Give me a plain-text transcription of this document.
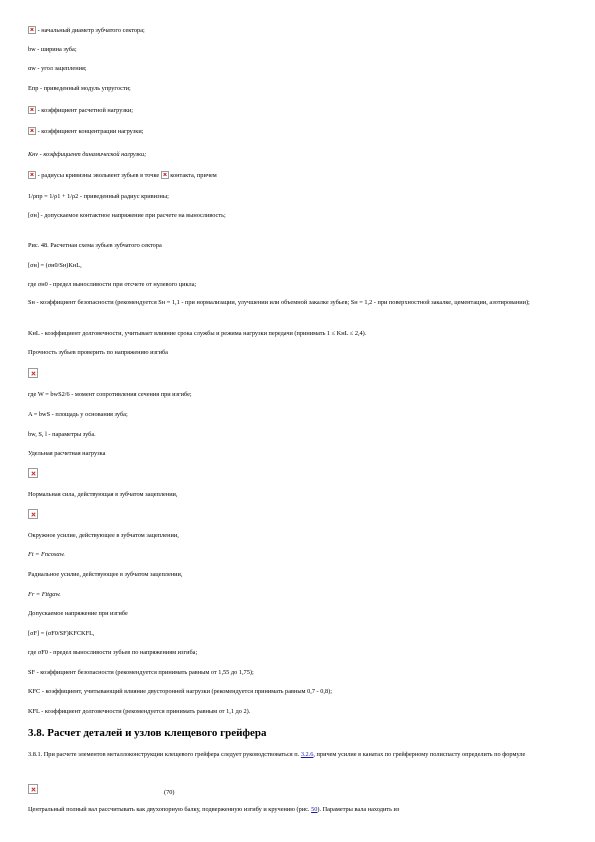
- начальный диаметр зубчатого сектора;
bw - ширина зуба;
αw - угол зацепления;
Eпр - приведенный модуль упругости;
- коэффициент расчетной нагрузки;
- коэффициент концентрации нагрузки;
Кнv - коэффициент динамической нагрузки;
- радиусы кривизны эвольвент зубьев в точке контакта, причем
1/ρпр = 1/ρ1 + 1/ρ2 - приведенный радиус кривизны;
[σн] - допускаемое контактное напряжение при расчете на выносливость;
Рис. 48. Расчетная схема зубьев зубчатого сектора
[σн] = (σн0/Sн)KнL,
где σн0 - предел выносливости при отсчете от нулевого цикла;
Sн - коэффициент безопасности (рекомендуется Sн = 1,1 - при нормализации, улучшении или объемной закалке зубьев; Sн = 1,2 - при поверхностной закалке, цементации, азотировании);
KнL - коэффициент долговечности, учитывает влияние срока службы и режима нагрузки передачи (принимать 1 ≤ KнL ≤ 2,4).
Прочность зубьев проверить по напряжению изгиба
где W = bwS2/6 - момент сопротивления сечения при изгибе;
A = bwS - площадь у основания зуба;
bw, S, l - параметры зуба.
Удельная расчетная нагрузка
Нормальная сила, действующая в зубчатом зацеплении,
Окружное усилие, действующее в зубчатом зацеплении,
Ft = Fncosαw.
Радиальное усилие, действующее в зубчатом зацеплении,
Fr = Fttgαw.
Допускаемое напряжение при изгибе
[σF] = (σF0/SF)KFCKFL,
где σF0 - предел выносливости зубьев по напряжениям изгиба;
SF - коэффициент безопасности (рекомендуется принимать равным от 1,55 до 1,75);
KFC - коэффициент, учитывающий влияние двусторонней нагрузки (рекомендуется принимать равным 0,7 - 0,8);
KFL - коэффициент долговечности (рекомендуется принимать равным от 1,1 до 2).
3.8. Расчет деталей и узлов клещевого грейфера
3.8.1. При расчете элементов металлоконструкции клещевого грейфера следует руководствоваться п. 3.2.6, причем усилие в канатах по грейферному полиспасту определить по формуле
(70)
Центральный полный вал рассчитывать как двухопорную балку, подверженную изгибу и кручению (рис. 50). Параметры вала находить из
